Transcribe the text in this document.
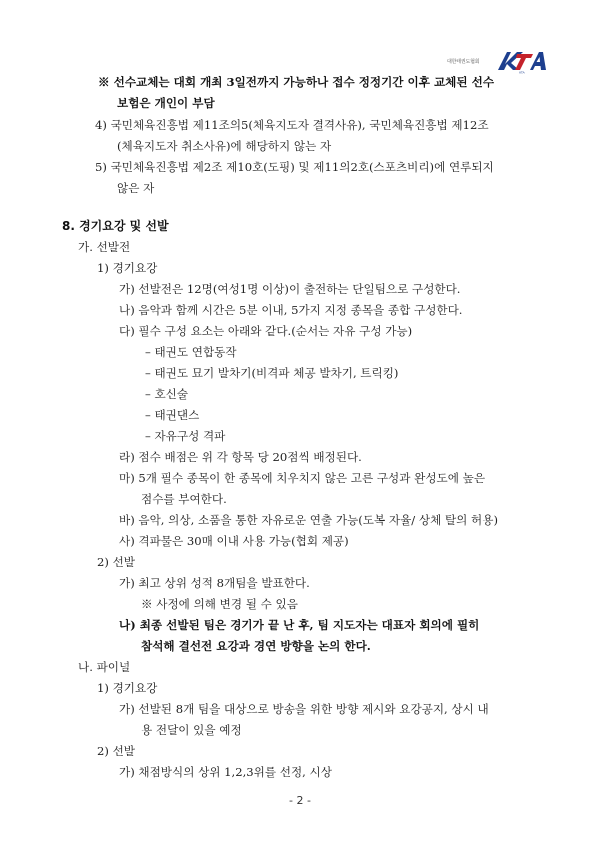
대한태권도협회
KTA
※ 선수교체는 대회 개최 3일전까지 가능하나 접수 정정기간 이후 교체된 선수
보험은 개인이 부담
4) 국민체육진흥법 제11조의5(체육지도자 결격사유), 국민체육진흥법 제12조
(체육지도자 취소사유)에 해당하지 않는 자
5) 국민체육진흥법 제2조 제10호(도핑) 및 제11의2호(스포츠비리)에 연루되지
않은 자
8. 경기요강 및 선발
가. 선발전
1) 경기요강
가) 선발전은 12명(여성1명 이상)이 출전하는 단일팀으로 구성한다.
나) 음악과 함께 시간은 5분 이내, 5가지 지정 종목을 종합 구성한다.
다) 필수 구성 요소는 아래와 같다.(순서는 자유 구성 가능)
– 태권도 연합동작
– 태권도 묘기 발차기(비격파 체공 발차기, 트릭킹)
– 호신술
– 태권댄스
– 자유구성 격파
라) 점수 배점은 위 각 항목 당 20점씩 배정된다.
마) 5개 필수 종목이 한 종목에 치우치지 않은 고른 구성과 완성도에 높은
점수를 부여한다.
바) 음악, 의상, 소품을 통한 자유로운 연출 가능(도복 자율/ 상체 탈의 허용)
사) 격파물은 30매 이내 사용 가능(협회 제공)
2) 선발
가) 최고 상위 성적 8개팀을 발표한다.
※ 사정에 의해 변경 될 수 있음
나) 최종 선발된 팀은 경기가 끝 난 후, 팀 지도자는 대표자 회의에 필히
참석해 결선전 요강과 경연 방향을 논의 한다.
나. 파이널
1) 경기요강
가) 선발된 8개 팀을 대상으로 방송을 위한 방향 제시와 요강공지, 상시 내
용 전달이 있을 예정
2) 선발
가) 채점방식의 상위 1,2,3위를 선정, 시상
- 2 -
